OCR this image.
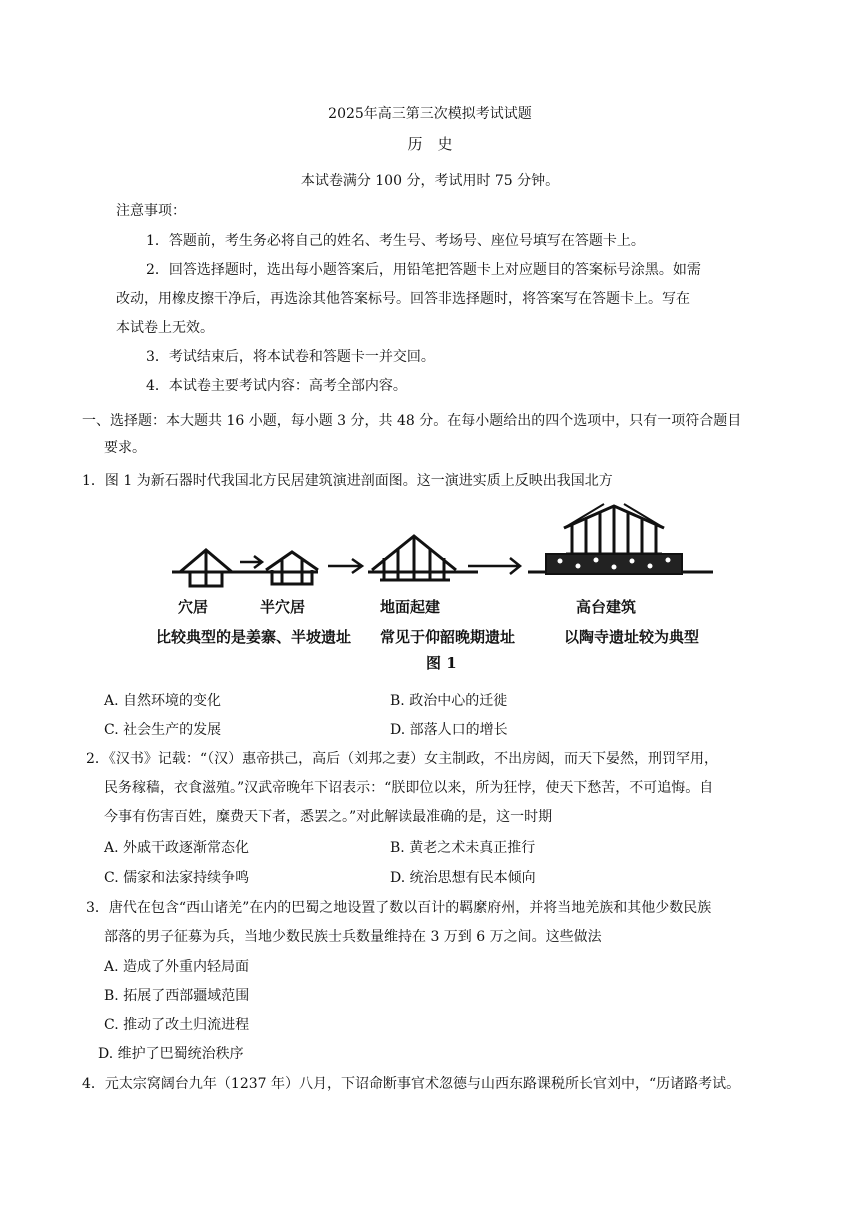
2025年高三第三次模拟考试试题
历　史
本试卷满分 100 分，考试用时 75 分钟。
注意事项：
1．答题前，考生务必将自己的姓名、考生号、考场号、座位号填写在答题卡上。
2．回答选择题时，选出每小题答案后，用铅笔把答题卡上对应题目的答案标号涂黑。如需
改动，用橡皮擦干净后，再选涂其他答案标号。回答非选择题时，将答案写在答题卡上。写在
本试卷上无效。
3．考试结束后，将本试卷和答题卡一并交回。
4．本试卷主要考试内容：高考全部内容。
一、选择题：本大题共 16 小题，每小题 3 分，共 48 分。在每小题给出的四个选项中，只有一项符合题目
要求。
1．图 1 为新石器时代我国北方民居建筑演进剖面图。这一演进实质上反映出我国北方
穴居	半穴居	地面起建	高台建筑
比较典型的是姜寨、半坡遗址 常见于仰韶晚期遗址	以陶寺遗址较为典型
图 1
A. 自然环境的变化	B. 政治中心的迁徙
C. 社会生产的发展	D. 部落人口的增长
2．《汉书》记载：“（汉）惠帝拱己，高后（刘邦之妻）女主制政，不出房闼，而天下晏然，刑罚罕用，
民务稼穑，衣食滋殖。”汉武帝晚年下诏表示：“朕即位以来，所为狂悖，使天下愁苦，不可追悔。自
今事有伤害百姓，糜费天下者，悉罢之。”对此解读最准确的是，这一时期
A. 外戚干政逐渐常态化	B. 黄老之术未真正推行
C. 儒家和法家持续争鸣	D. 统治思想有民本倾向
3．唐代在包含“西山诸羌”在内的巴蜀之地设置了数以百计的羁縻府州，并将当地羌族和其他少数民族
部落的男子征募为兵，当地少数民族士兵数量维持在 3 万到 6 万之间。这些做法
A. 造成了外重内轻局面
B. 拓展了西部疆域范围
C. 推动了改土归流进程
D. 维护了巴蜀统治秩序
4．元太宗窝阔台九年（1237 年）八月，下诏命断事官术忽德与山西东路课税所长官刘中，“历诸路考试。
